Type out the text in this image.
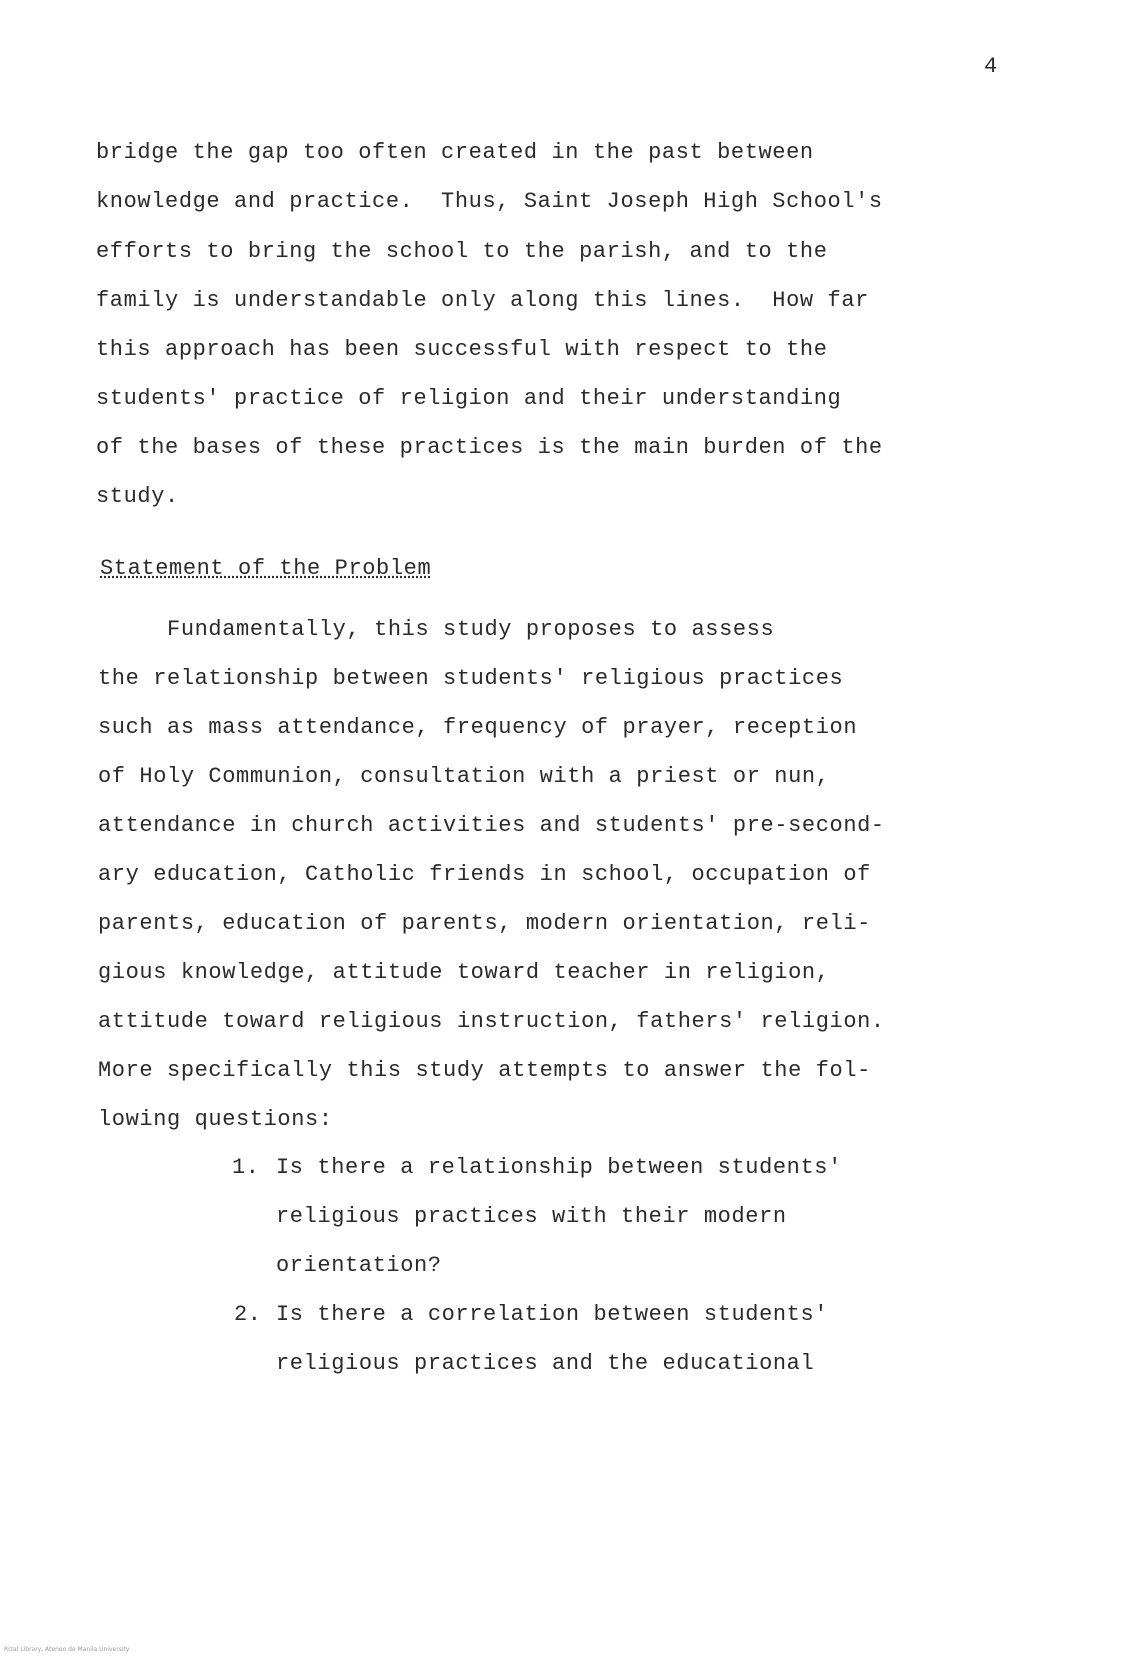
4
bridge the gap too often created in the past between
knowledge and practice.  Thus, Saint Joseph High School's
efforts to bring the school to the parish, and to the
family is understandable only along this lines.  How far
this approach has been successful with respect to the
students' practice of religion and their understanding
of the bases of these practices is the main burden of the
study.
Statement of the Problem
Fundamentally, this study proposes to assess
the relationship between students' religious practices
such as mass attendance, frequency of prayer, reception
of Holy Communion, consultation with a priest or nun,
attendance in church activities and students' pre-second-
ary education, Catholic friends in school, occupation of
parents, education of parents, modern orientation, reli-
gious knowledge, attitude toward teacher in religion,
attitude toward religious instruction, fathers' religion.
More specifically this study attempts to answer the fol-
lowing questions:
1. Is there a relationship between students'
religious practices with their modern
orientation?
2. Is there a correlation between students'
religious practices and the educational
Rizal Library, Ateneo de Manila University
